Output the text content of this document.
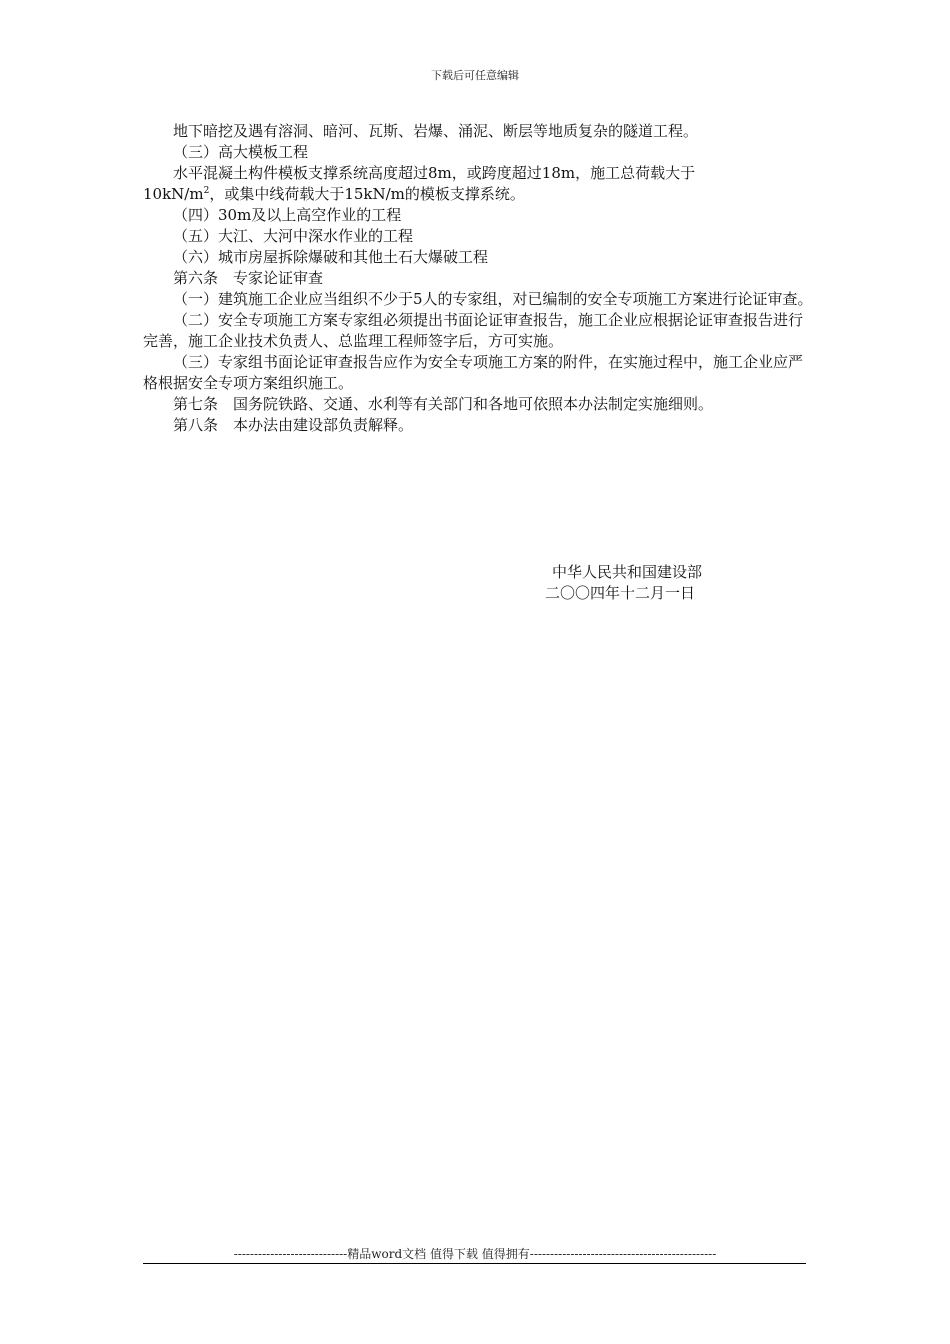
下载后可任意编辑

地下暗挖及遇有溶洞、暗河、瓦斯、岩爆、涌泥、断层等地质复杂的隧道工程。

（三）高大模板工程

水平混凝土构件模板支撑系统高度超过8m，或跨度超过18m，施工总荷载大于

$10kN/m^2$，或集中线荷载大于15kN/m的模板支撑系统。

（四）30m及以上高空作业的工程

（五）大江、大河中深水作业的工程

（六）城市房屋拆除爆破和其他土石大爆破工程

第六条　专家论证审查

（一）建筑施工企业应当组织不少于5人的专家组，对已编制的安全专项施工方案进行论证审查。

（二）安全专项施工方案专家组必须提出书面论证审查报告，施工企业应根据论证审查报告进行完善，施工企业技术负责人、总监理工程师签字后，方可实施。

（三）专家组书面论证审查报告应作为安全专项施工方案的附件，在实施过程中，施工企业应严格根据安全专项方案组织施工。

第七条　国务院铁路、交通、水利等有关部门和各地可依照本办法制定实施细则。

第八条　本办法由建设部负责解释。

中华人民共和国建设部
二〇〇四年十二月一日
----------------------------精品word文档 值得下载 值得拥有----------------------------------------------
